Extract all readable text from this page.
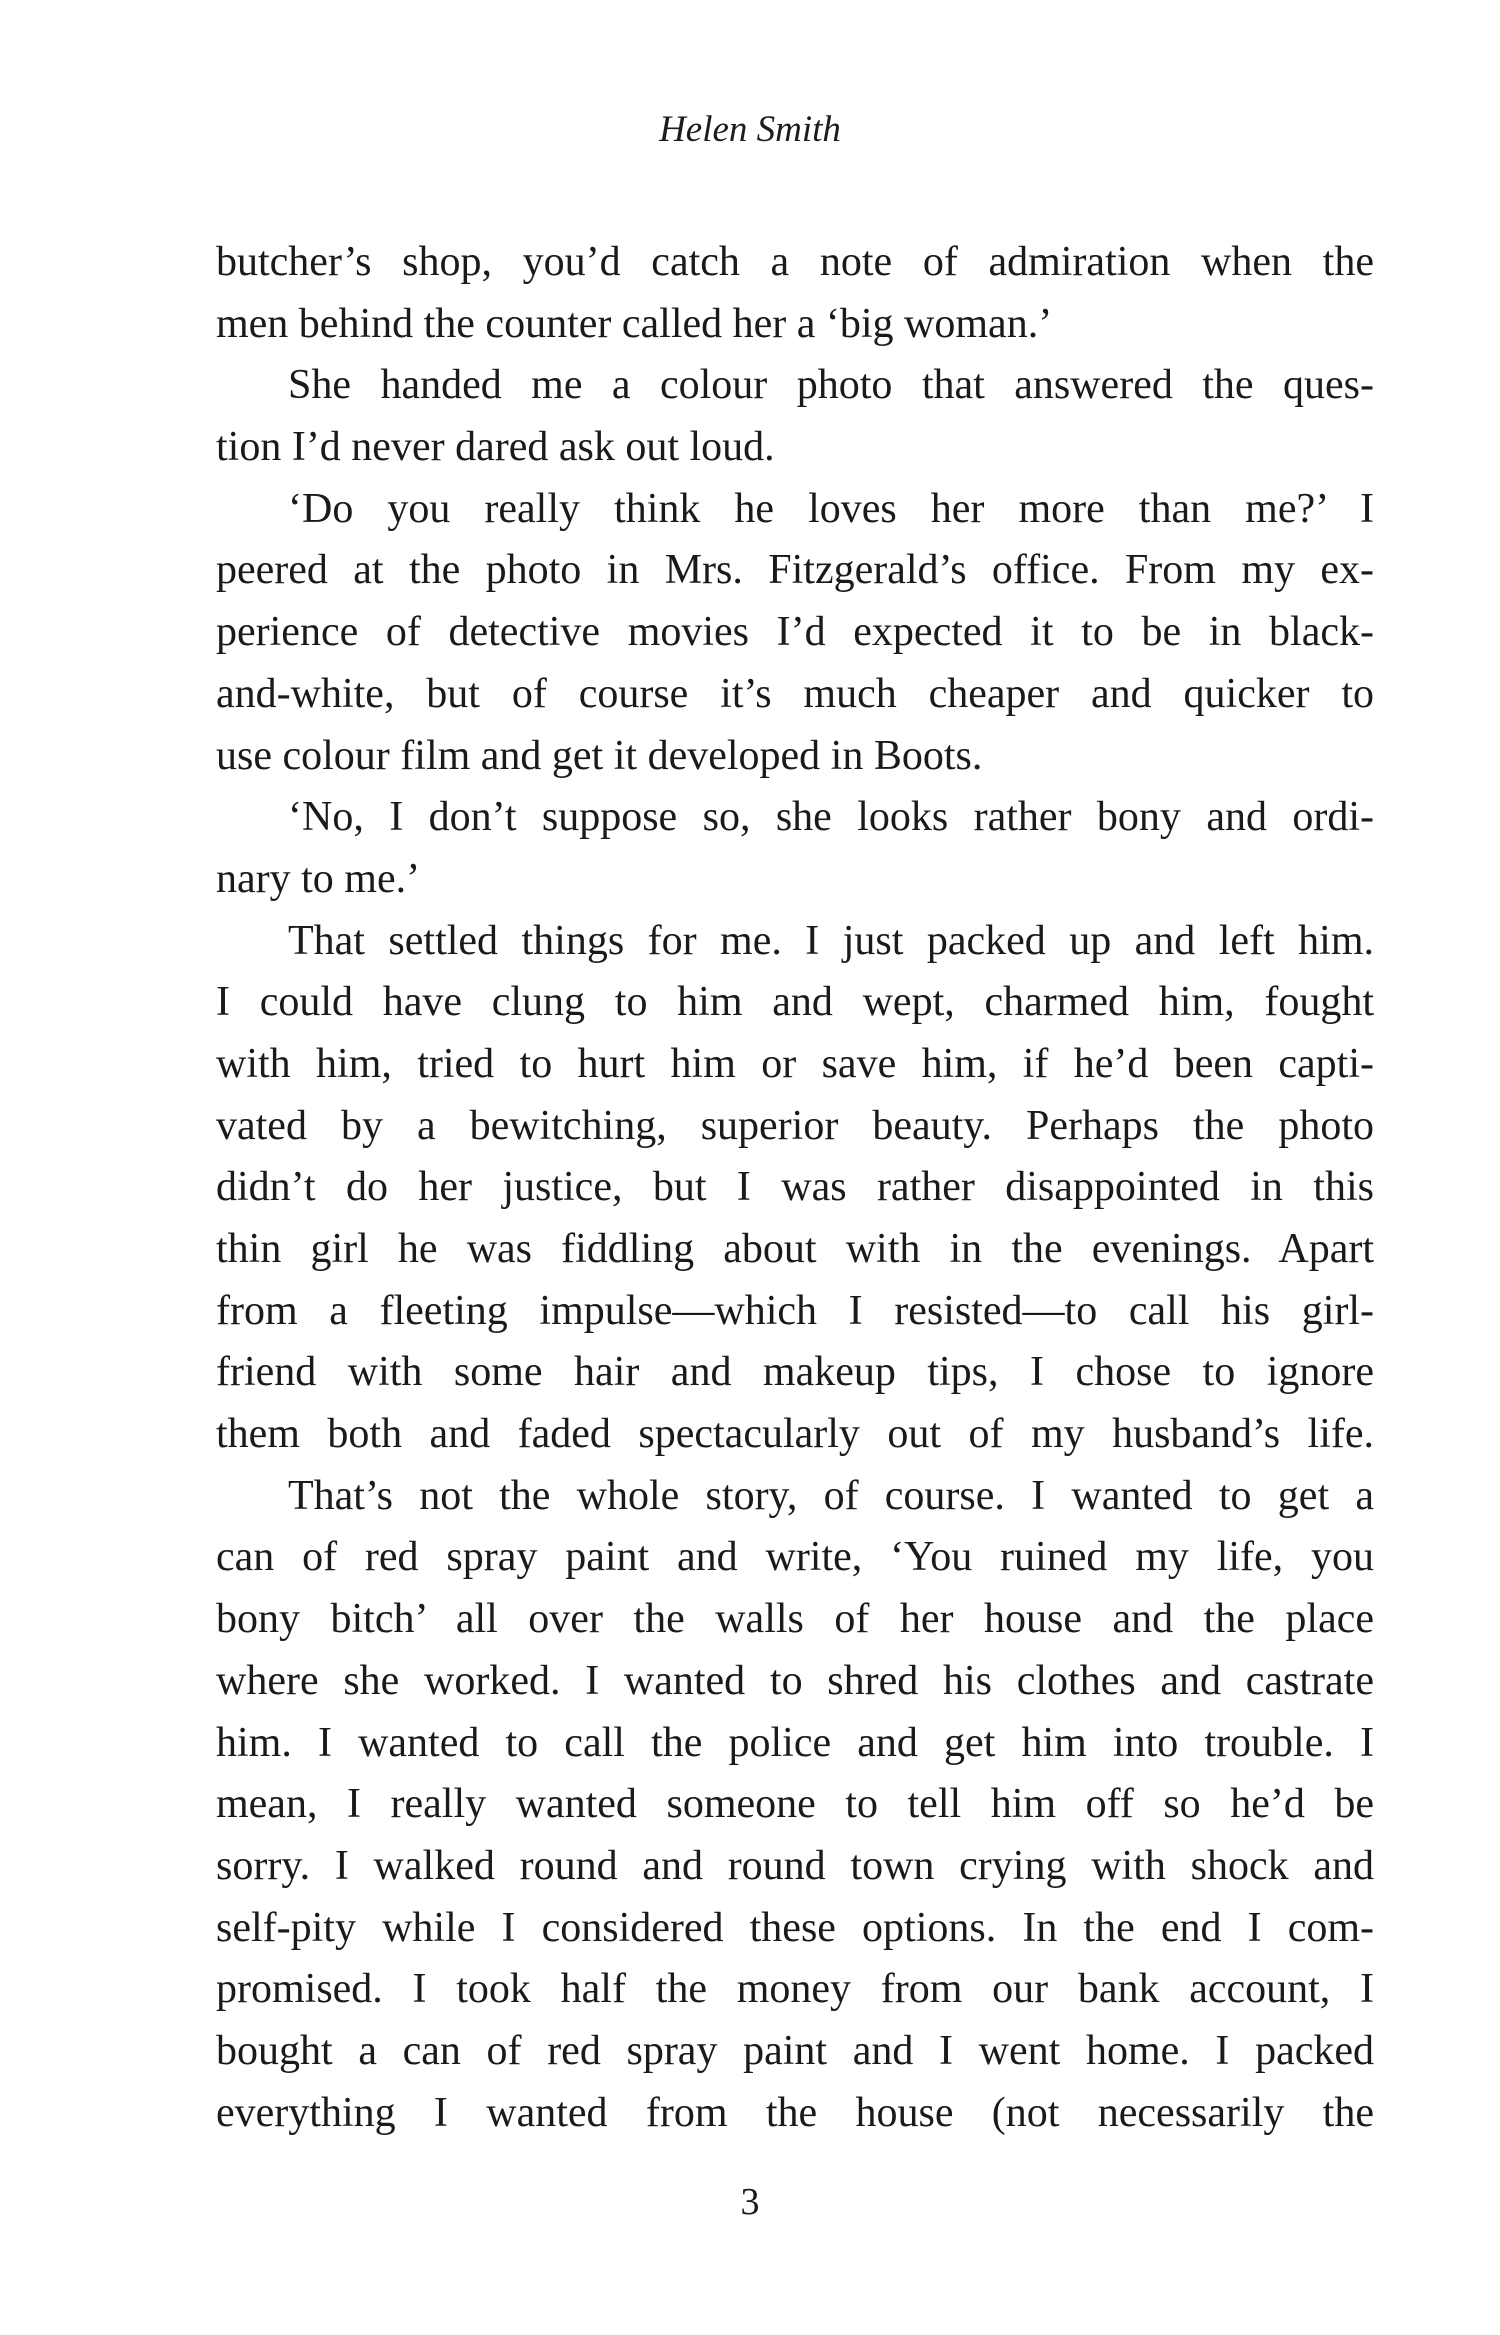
Helen Smith
butcher’s shop, you’d catch a note of admiration when the
men behind the counter called her a ‘big woman.’
She handed me a colour photo that answered the ques-
tion I’d never dared ask out loud.
‘Do you really think he loves her more than me?’ I
peered at the photo in Mrs. Fitzgerald’s office. From my ex-
perience of detective movies I’d expected it to be in black-
and-white, but of course it’s much cheaper and quicker to
use colour film and get it developed in Boots.
‘No, I don’t suppose so, she looks rather bony and ordi-
nary to me.’
That settled things for me. I just packed up and left him.
I could have clung to him and wept, charmed him, fought
with him, tried to hurt him or save him, if he’d been capti-
vated by a bewitching, superior beauty. Perhaps the photo
didn’t do her justice, but I was rather disappointed in this
thin girl he was fiddling about with in the evenings. Apart
from a fleeting impulse—which I resisted—to call his girl-
friend with some hair and makeup tips, I chose to ignore
them both and faded spectacularly out of my husband’s life.
That’s not the whole story, of course. I wanted to get a
can of red spray paint and write, ‘You ruined my life, you
bony bitch’ all over the walls of her house and the place
where she worked. I wanted to shred his clothes and castrate
him. I wanted to call the police and get him into trouble. I
mean, I really wanted someone to tell him off so he’d be
sorry. I walked round and round town crying with shock and
self-pity while I considered these options. In the end I com-
promised. I took half the money from our bank account, I
bought a can of red spray paint and I went home. I packed
everything I wanted from the house (not necessarily the
3
